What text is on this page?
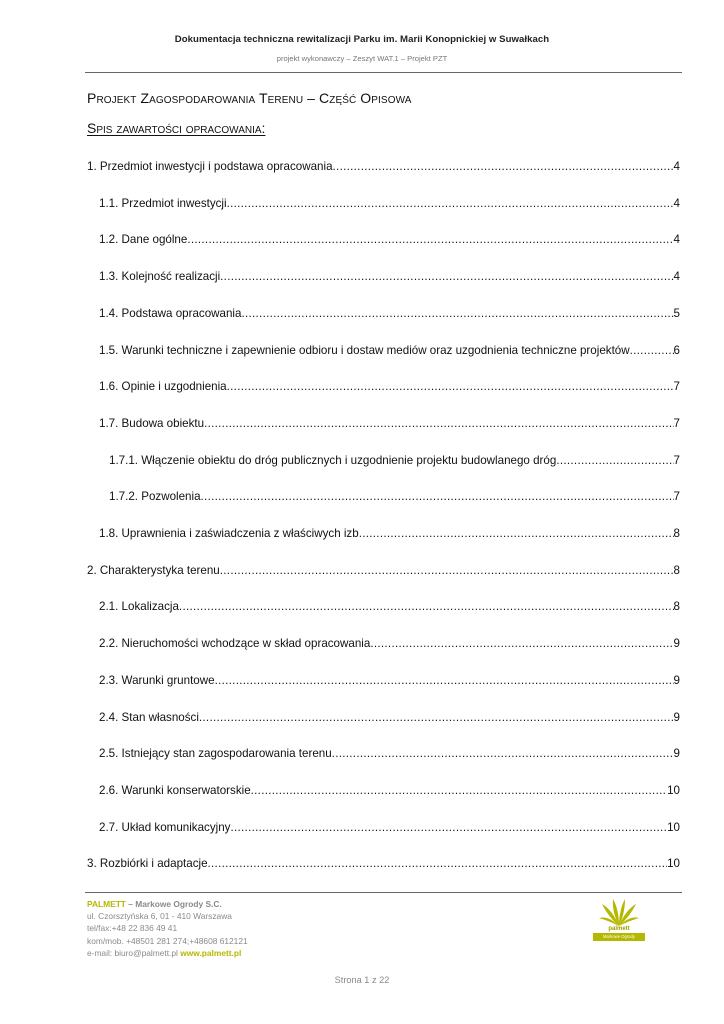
Dokumentacja techniczna rewitalizacji Parku im. Marii Konopnickiej w Suwałkach
projekt wykonawczy – Zeszyt WAT.1 – Projekt PZT
Projekt Zagospodarowania Terenu – Część Opisowa
Spis zawartości opracowania:
1. Przedmiot inwestycji i podstawa opracowania .....	4
1.1. Przedmiot inwestycji .....	4
1.2. Dane ogólne .....	4
1.3. Kolejność realizacji .....	4
1.4. Podstawa opracowania .....	5
1.5. Warunki techniczne i zapewnienie odbioru i dostaw mediów oraz uzgodnienia techniczne projektów .....	6
1.6. Opinie i uzgodnienia .....	7
1.7. Budowa obiektu .....	7
1.7.1. Włączenie obiektu do dróg publicznych i uzgodnienie projektu budowlanego dróg .....	7
1.7.2. Pozwolenia .....	7
1.8. Uprawnienia i zaświadczenia z właściwych izb .....	8
2. Charakterystyka terenu .....	8
2.1. Lokalizacja .....	8
2.2. Nieruchomości wchodzące w skład opracowania .....	9
2.3. Warunki gruntowe .....	9
2.4. Stan własności .....	9
2.5. Istniejący stan zagospodarowania terenu .....	9
2.6. Warunki konserwatorskie .....	10
2.7. Układ komunikacyjny .....	10
3. Rozbiórki i adaptacje .....	10
PALMETT – Markowe Ogrody S.C.
ul. Czorsztyńska 6, 01 - 410 Warszawa
tel/fax:+48 22 836 49 41
kom/mob. +48501 281 274;+48608 612121
e-mail: biuro@palmett.pl www.palmett.pl
palmett
Markowe Ogrody
Strona 1 z 22
